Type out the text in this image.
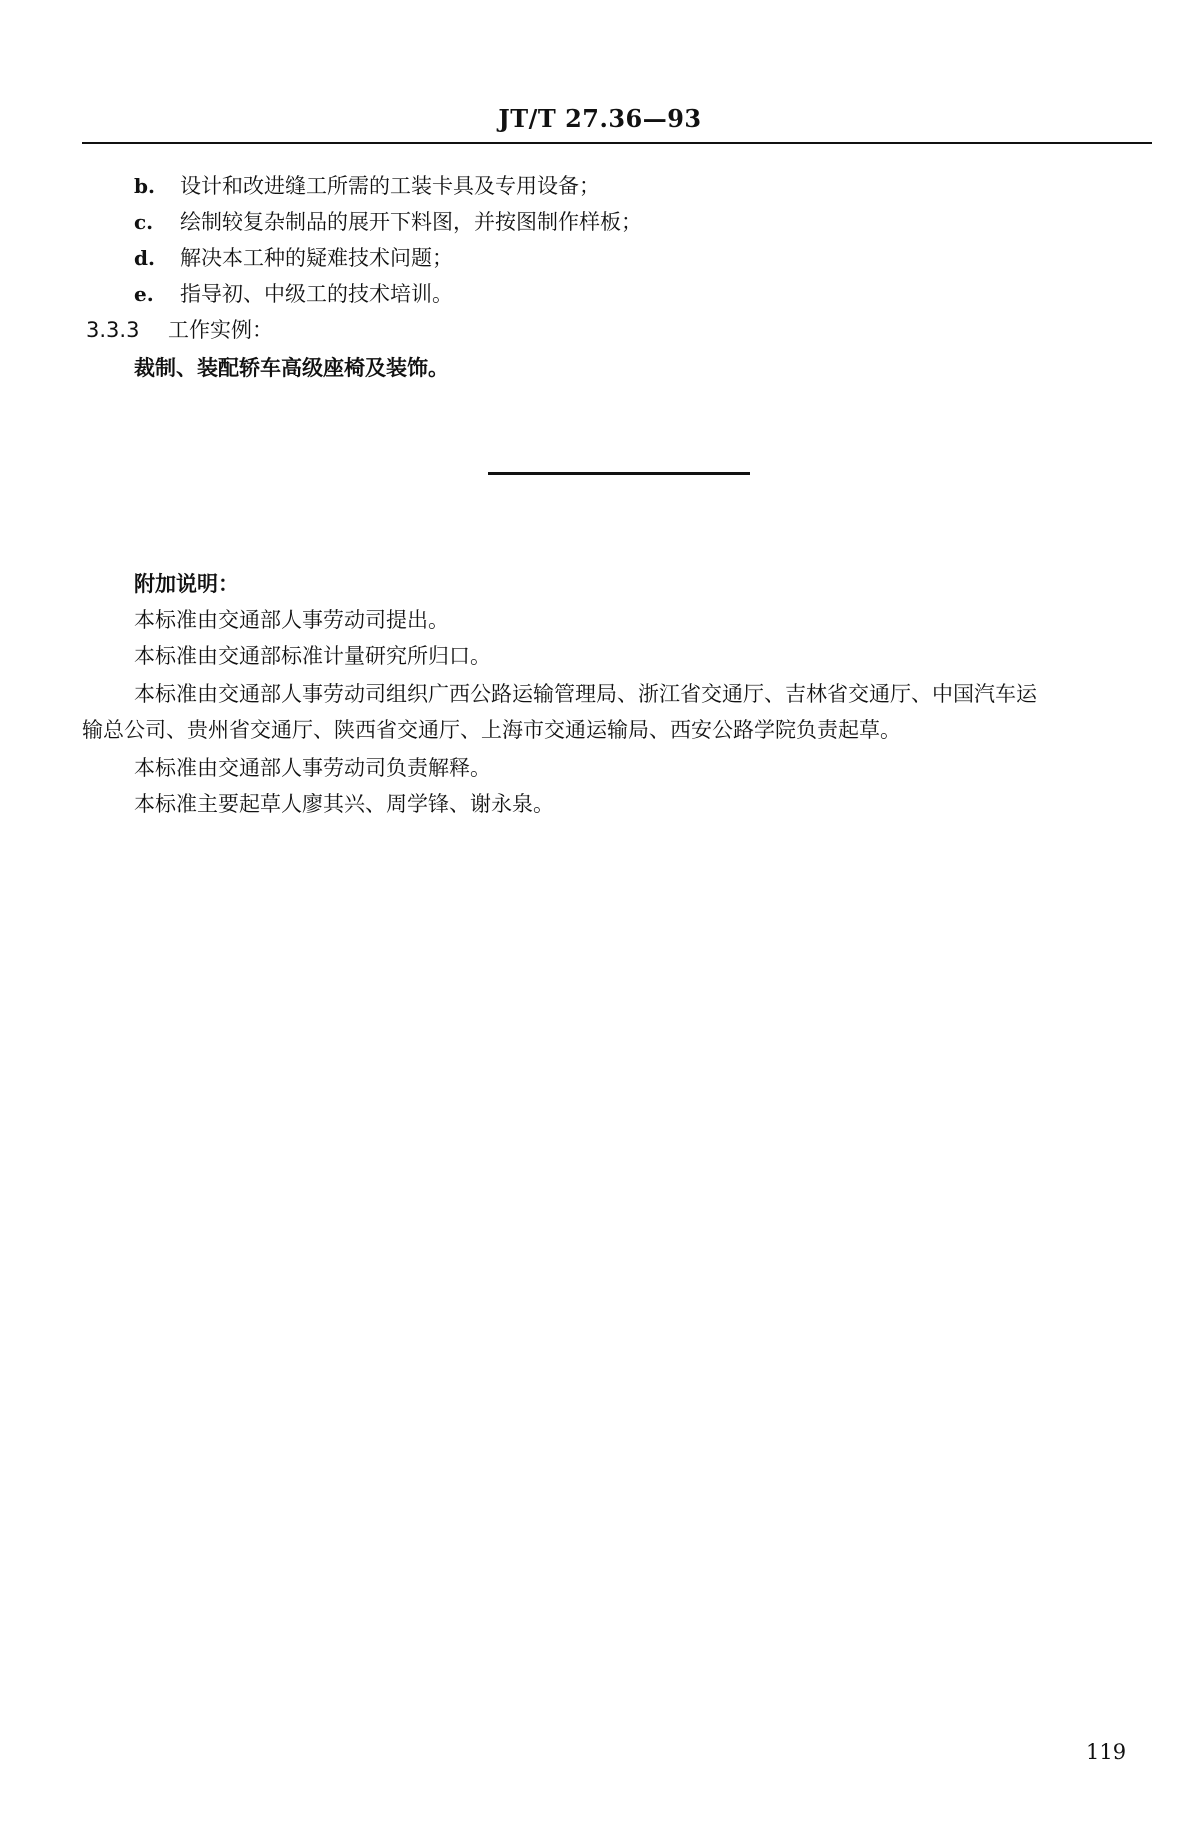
JT/T 27.36—93
b. 设计和改进缝工所需的工装卡具及专用设备；
c. 绘制较复杂制品的展开下料图，并按图制作样板；
d. 解决本工种的疑难技术问题；
e. 指导初、中级工的技术培训。
3.3.3 工作实例：
裁制、装配轿车高级座椅及装饰。
附加说明：
本标准由交通部人事劳动司提出。
本标准由交通部标准计量研究所归口。
本标准由交通部人事劳动司组织广西公路运输管理局、浙江省交通厅、吉林省交通厅、中国汽车运
输总公司、贵州省交通厅、陕西省交通厅、上海市交通运输局、西安公路学院负责起草。
本标准由交通部人事劳动司负责解释。
本标准主要起草人廖其兴、周学锋、谢永泉。
119
